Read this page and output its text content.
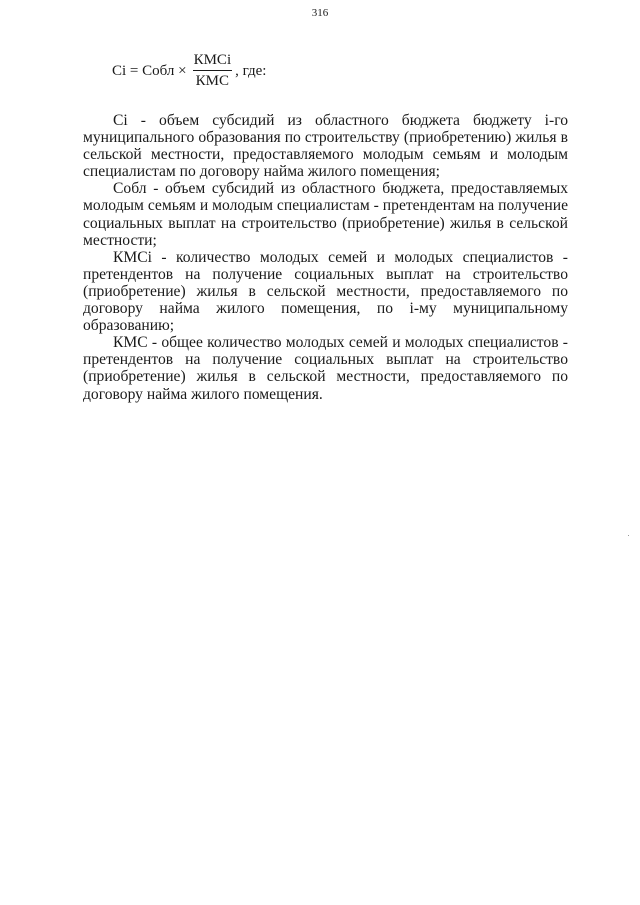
316
Ci = Собл × $\frac{\text{КМСi}}{\text{КМС}}$ , где:

Ci - объем субсидий из областного бюджета бюджету i-го муниципального образования по строительству (приобретению) жилья в сельской местности, предоставляемого молодым семьям и молодым специалистам по договору найма жилого помещения;

Собл - объем субсидий из областного бюджета, предоставляемых молодым семьям и молодым специалистам - претендентам на получение социальных выплат на строительство (приобретение) жилья в сельской местности;

КМСi - количество молодых семей и молодых специалистов - претендентов на получение социальных выплат на строительство (приобретение) жилья в сельской местности, предоставляемого по договору найма жилого помещения, по i-му муниципальному образованию;

КМС - общее количество молодых семей и молодых специалистов - претендентов на получение социальных выплат на строительство (приобретение) жилья в сельской местности, предоставляемого по договору найма жилого помещения.
